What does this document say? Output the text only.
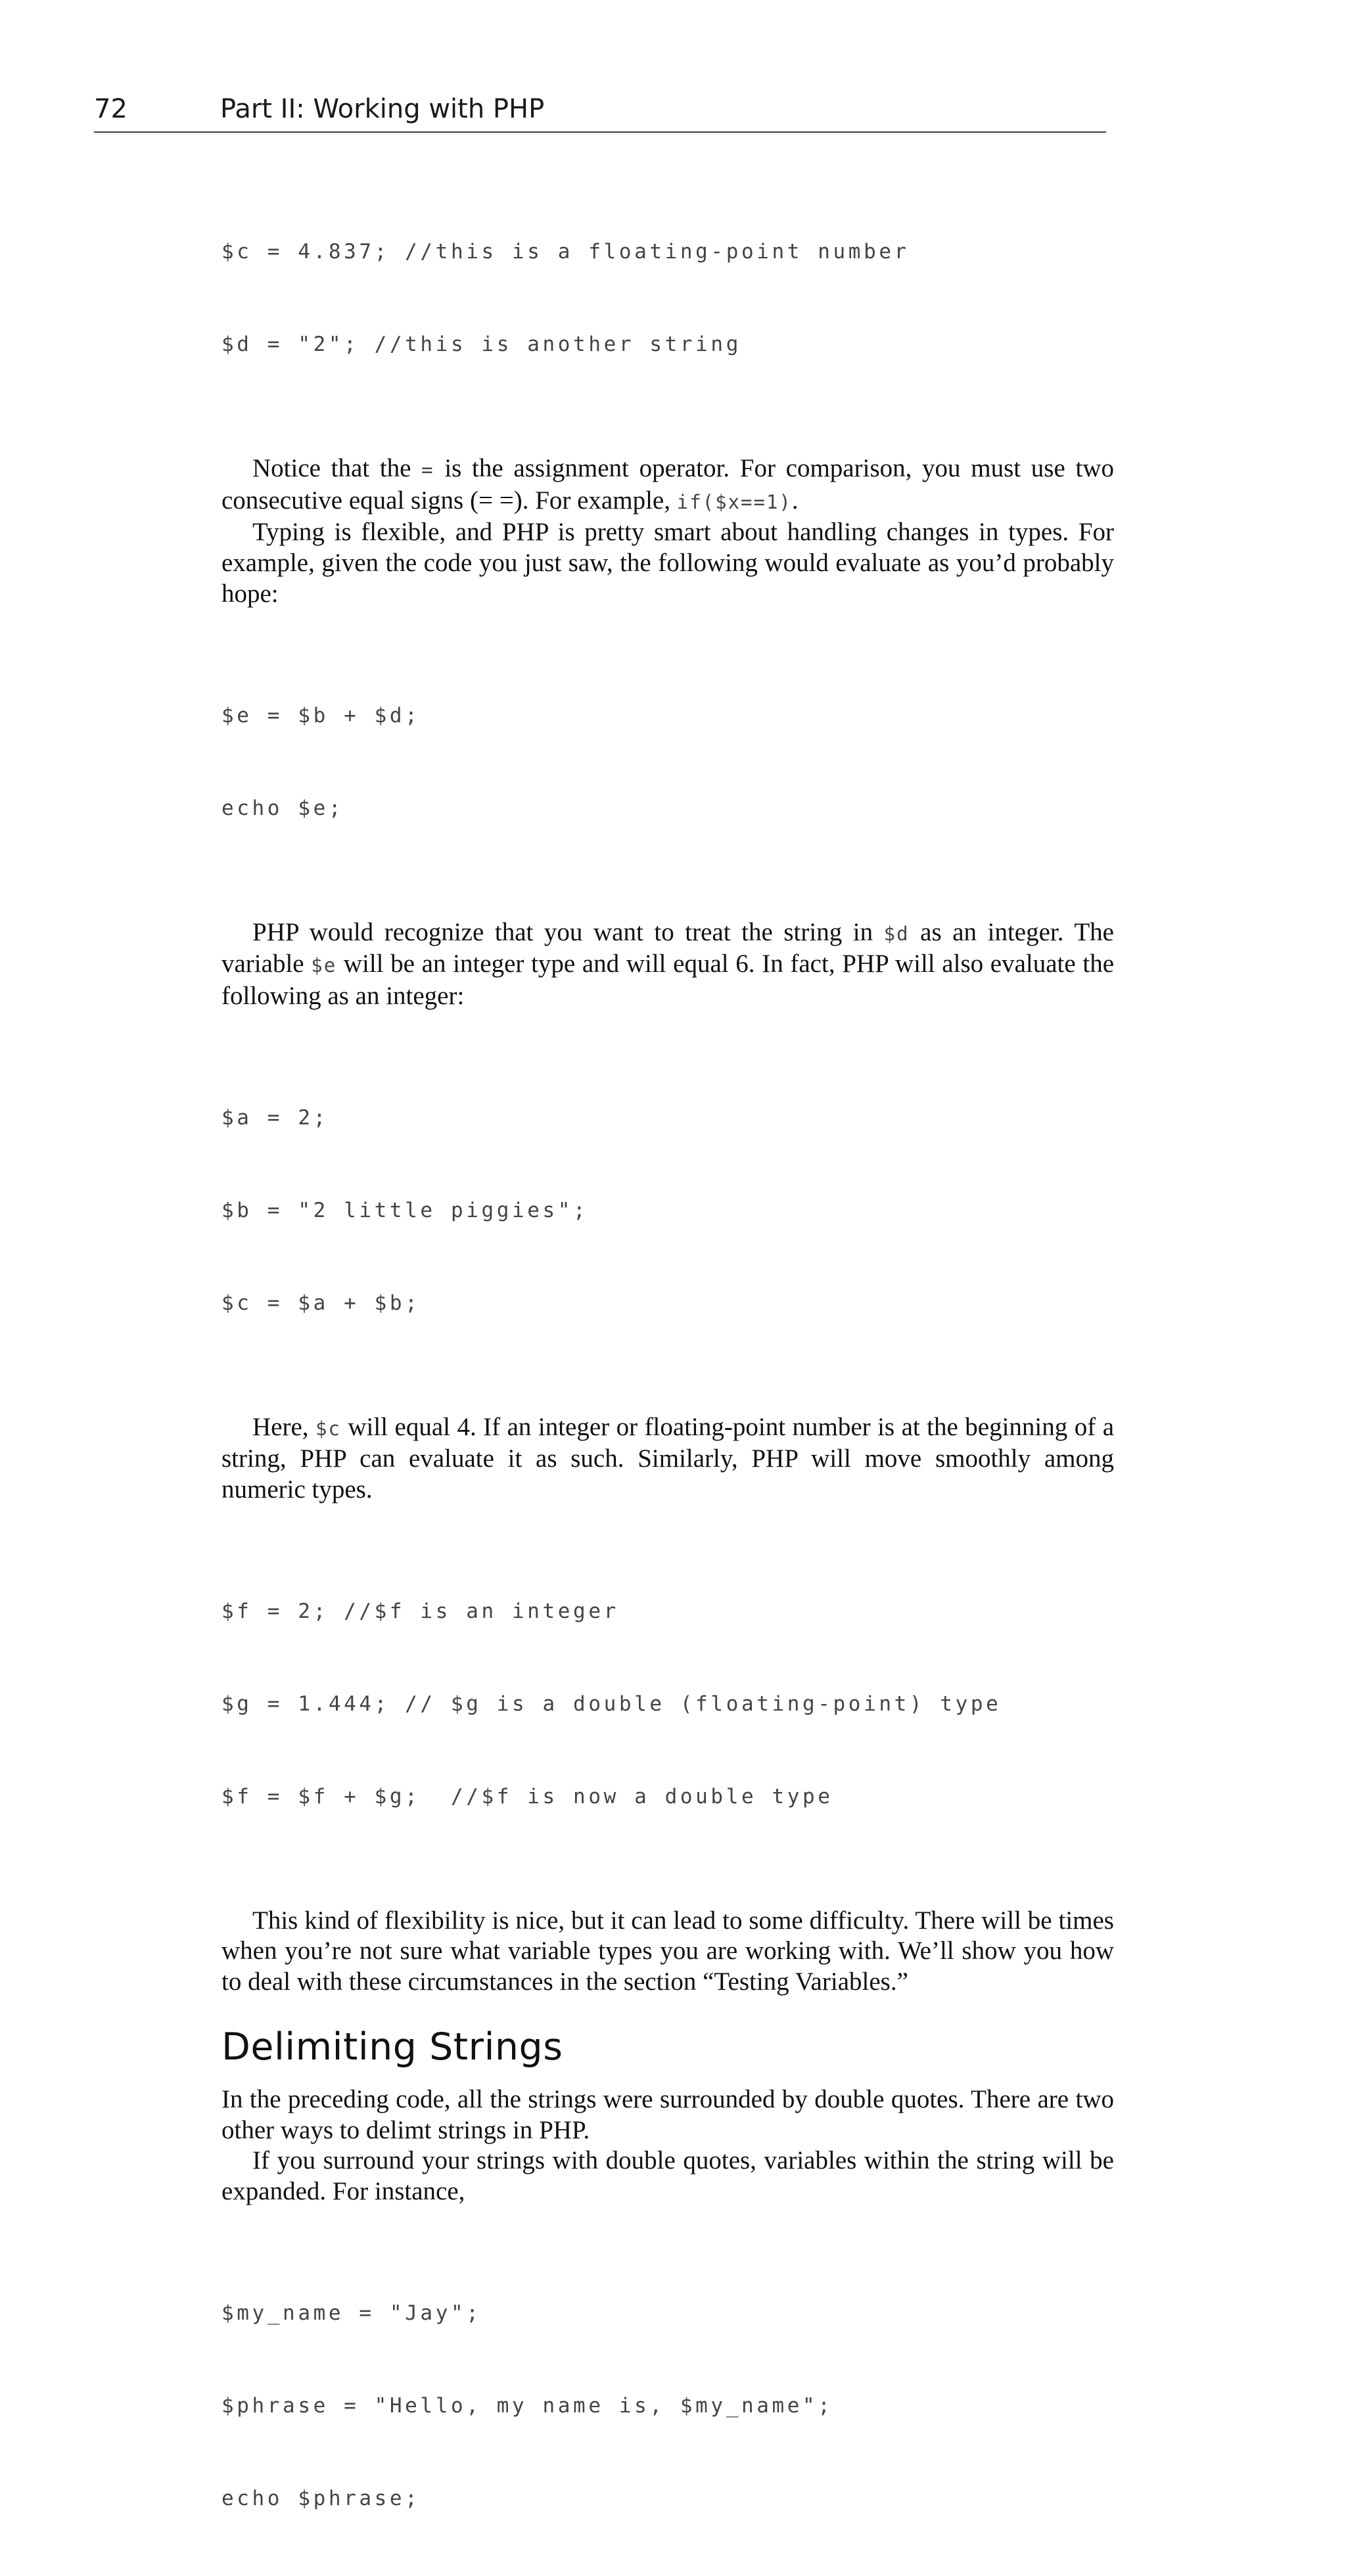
72	Part II: Working with PHP

$c = 4.837; //this is a floating-point number

$d = "2"; //this is another string

Notice that the = is the assignment operator. For comparison, you must use two consecutive equal signs (= =). For example, if($x==1).

Typing is flexible, and PHP is pretty smart about handling changes in types. For example, given the code you just saw, the following would evaluate as you’d probably hope:

$e = $b + $d;

echo $e;

PHP would recognize that you want to treat the string in $d as an integer. The variable $e will be an integer type and will equal 6. In fact, PHP will also evaluate the following as an integer:

$a = 2;

$b = "2 little piggies";

$c = $a + $b;

Here, $c will equal 4. If an integer or floating-point number is at the beginning of a string, PHP can evaluate it as such. Similarly, PHP will move smoothly among numeric types.

$f = 2; //$f is an integer

$g = 1.444; // $g is a double (floating-point) type

$f = $f + $g;  //$f is now a double type

This kind of flexibility is nice, but it can lead to some difficulty. There will be times when you’re not sure what variable types you are working with. We’ll show you how to deal with these circumstances in the section “Testing Variables.”

Delimiting Strings

In the preceding code, all the strings were surrounded by double quotes. There are two other ways to delimt strings in PHP.

If you surround your strings with double quotes, variables within the string will be expanded. For instance,

$my_name = "Jay";

$phrase = "Hello, my name is, $my_name";

echo $phrase;
